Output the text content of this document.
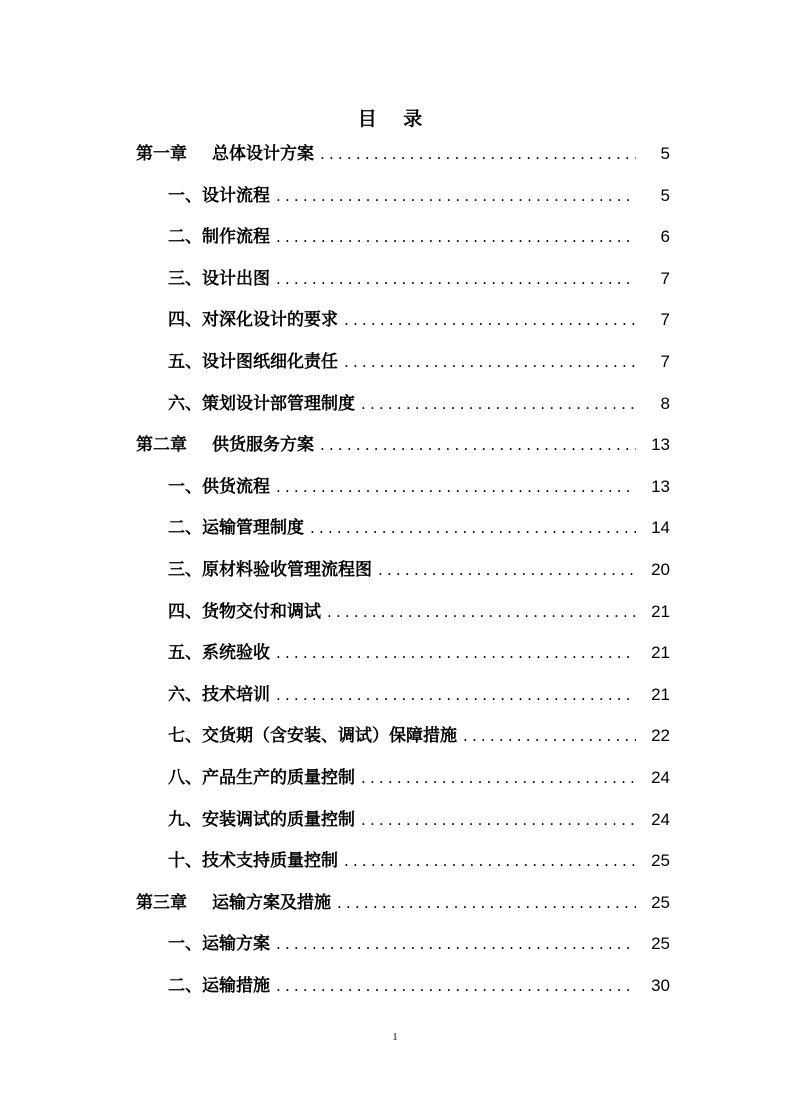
目 录
第一章 总体设计方案 .....	5
一、设计流程 .....	5
二、制作流程 .....	6
三、设计出图 .....	7
四、对深化设计的要求 .....	7
五、设计图纸细化责任 .....	7
六、策划设计部管理制度 .....	8
第二章 供货服务方案 .....	13
一、供货流程 .....	13
二、运输管理制度 .....	14
三、原材料验收管理流程图 .....	20
四、货物交付和调试 .....	21
五、系统验收 .....	21
六、技术培训 .....	21
七、交货期（含安装、调试）保障措施 .....	22
八、产品生产的质量控制 .....	24
九、安装调试的质量控制 .....	24
十、技术支持质量控制 .....	25
第三章 运输方案及措施 .....	25
一、运输方案 .....	25
二、运输措施 .....	30
1
